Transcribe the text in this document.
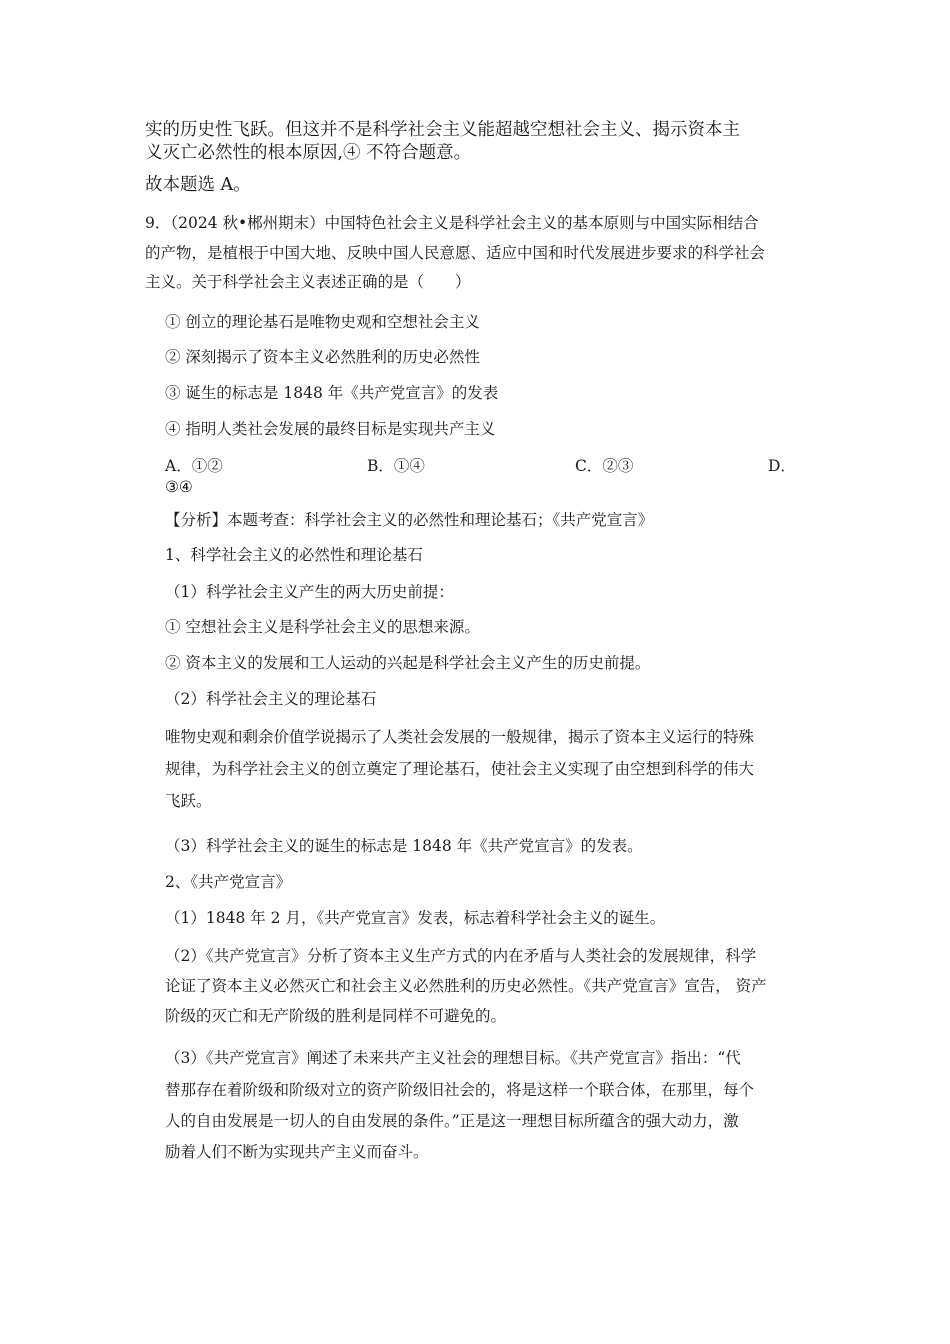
实的历史性飞跃。但这并不是科学社会主义能超越空想社会主义、揭示资本主
义灭亡必然性的根本原因,④ 不符合题意。
故本题选 A。
9．（2024 秋•郴州期末）中国特色社会主义是科学社会主义的基本原则与中国实际相结合
的产物，是植根于中国大地、反映中国人民意愿、适应中国和时代发展进步要求的科学社会
主义。关于科学社会主义表述正确的是（　　）
① 创立的理论基石是唯物史观和空想社会主义
② 深刻揭示了资本主义必然胜利的历史必然性
③ 诞生的标志是 1848 年《共产党宣言》的发表
④ 指明人类社会发展的最终目标是实现共产主义
A．①②	B．①④	C．②③	D．
③④
【分析】本题考查：科学社会主义的必然性和理论基石；《共产党宣言》
1、科学社会主义的必然性和理论基石
（1）科学社会主义产生的两大历史前提：
① 空想社会主义是科学社会主义的思想来源。
② 资本主义的发展和工人运动的兴起是科学社会主义产生的历史前提。
（2）科学社会主义的理论基石
唯物史观和剩余价值学说揭示了人类社会发展的一般规律，揭示了资本主义运行的特殊
规律，为科学社会主义的创立奠定了理论基石，使社会主义实现了由空想到科学的伟大
飞跃。
（3）科学社会主义的诞生的标志是 1848 年《共产党宣言》的发表。
2、《共产党宣言》
（1）1848 年 2 月，《共产党宣言》发表，标志着科学社会主义的诞生。
（2）《共产党宣言》分析了资本主义生产方式的内在矛盾与人类社会的发展规律，科学
论证了资本主义必然灭亡和社会主义必然胜利的历史必然性。《共产党宣言》宣告， 资产
阶级的灭亡和无产阶级的胜利是同样不可避免的。
（3）《共产党宣言》阐述了未来共产主义社会的理想目标。《共产党宣言》指出：“代
替那存在着阶级和阶级对立的资产阶级旧社会的，将是这样一个联合体，在那里，每个
人的自由发展是一切人的自由发展的条件。”正是这一理想目标所蕴含的强大动力，激
励着人们不断为实现共产主义而奋斗。
